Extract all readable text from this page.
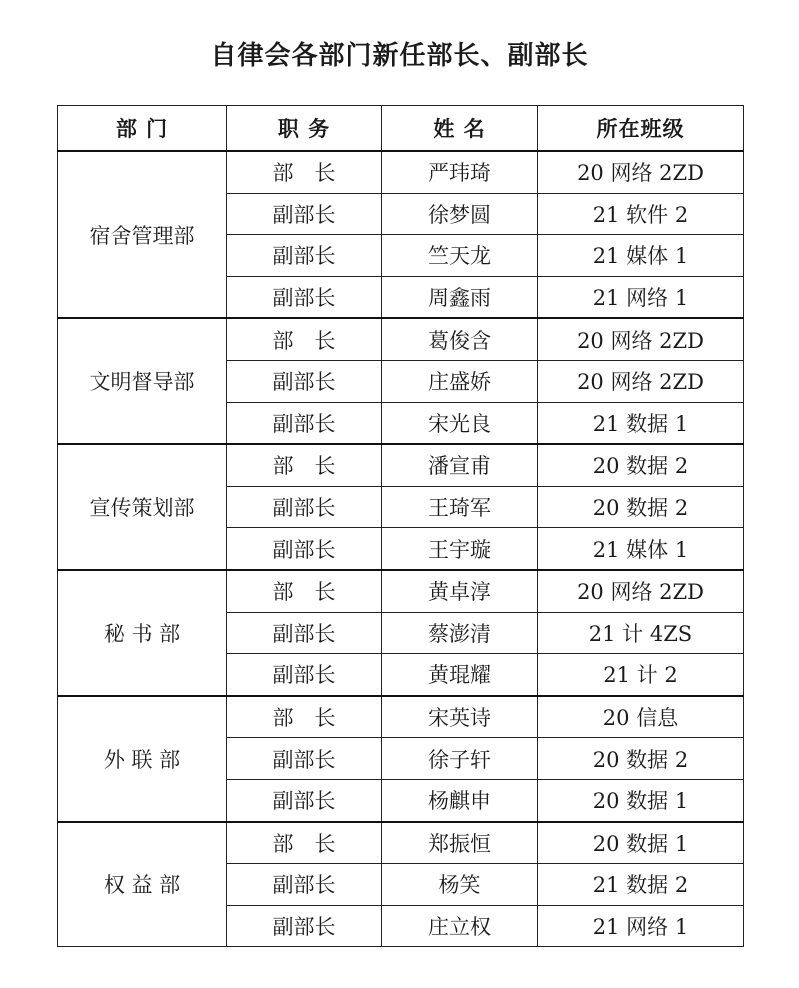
自律会各部门新任部长、副部长
部 门	职 务	姓 名	所在班级
宿舍管理部	部　长	严玮琦	20 网络 2ZD
	副部长	徐梦圆	21 软件 2
	副部长	竺天龙	21 媒体 1
	副部长	周鑫雨	21 网络 1
文明督导部	部　长	葛俊含	20 网络 2ZD
	副部长	庄盛娇	20 网络 2ZD
	副部长	宋光良	21 数据 1
宣传策划部	部　长	潘宣甫	20 数据 2
	副部长	王琦军	20 数据 2
	副部长	王宇璇	21 媒体 1
秘 书 部	部　长	黄卓淳	20 网络 2ZD
	副部长	蔡澎清	21 计 4ZS
	副部长	黄琨耀	21 计 2
外 联 部	部　长	宋英诗	20 信息
	副部长	徐子轩	20 数据 2
	副部长	杨麒申	20 数据 1
权 益 部	部　长	郑振恒	20 数据 1
	副部长	杨笑	21 数据 2
	副部长	庄立权	21 网络 1
